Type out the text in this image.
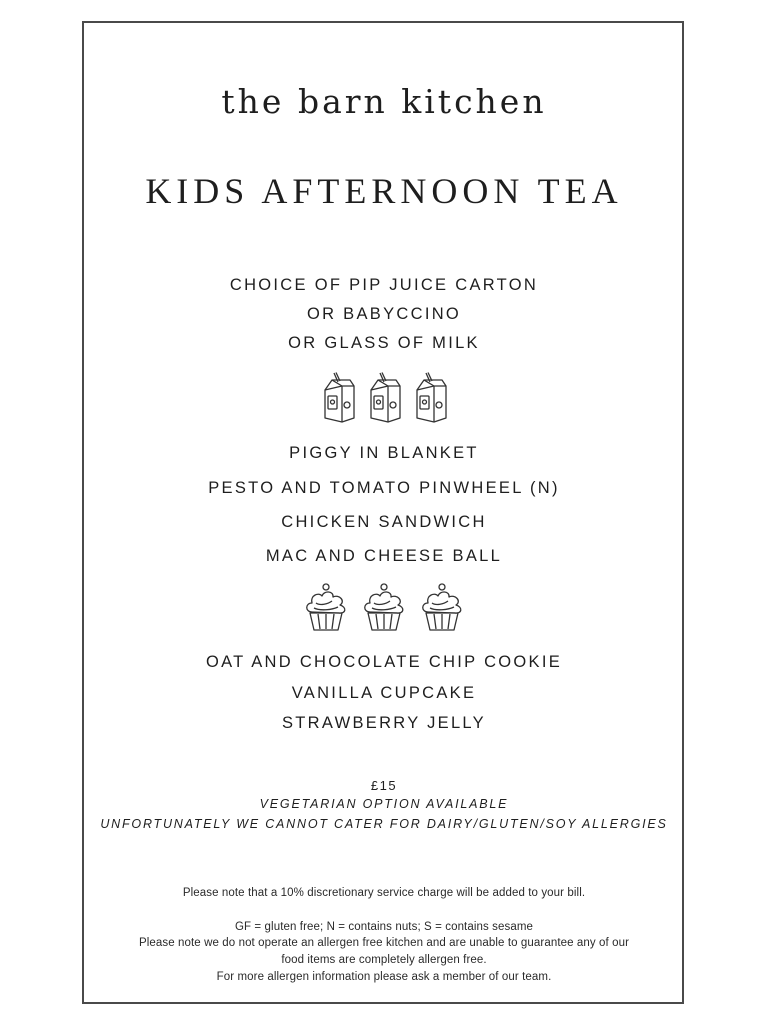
the barn kitchen
KIDS AFTERNOON TEA
CHOICE OF PIP JUICE CARTON
OR BABYCCINO
OR GLASS OF MILK

PIGGY IN BLANKET
PESTO AND TOMATO PINWHEEL (N)
CHICKEN SANDWICH
MAC AND CHEESE BALL

OAT AND CHOCOLATE CHIP COOKIE
VANILLA CUPCAKE
STRAWBERRY JELLY
£15
VEGETARIAN OPTION AVAILABLE
UNFORTUNATELY WE CANNOT CATER FOR DAIRY/GLUTEN/SOY ALLERGIES
Please note that a 10% discretionary service charge will be added to your bill.
GF = gluten free; N = contains nuts; S = contains sesame
Please note we do not operate an allergen free kitchen and are unable to guarantee any of our
food items are completely allergen free.
For more allergen information please ask a member of our team.
